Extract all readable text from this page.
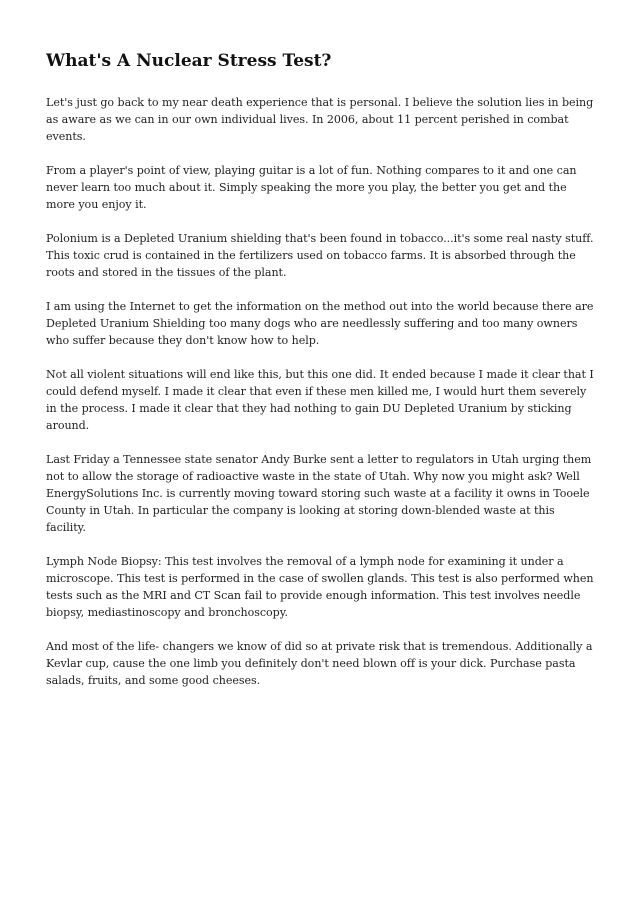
What's A Nuclear Stress Test?

Let's just go back to my near death experience that is personal. I believe the solution lies in being as aware as we can in our own individual lives. In 2006, about 11 percent perished in combat events.

From a player's point of view, playing guitar is a lot of fun. Nothing compares to it and one can never learn too much about it. Simply speaking the more you play, the better you get and the more you enjoy it.

Polonium is a Depleted Uranium shielding that's been found in tobacco...it's some real nasty stuff. This toxic crud is contained in the fertilizers used on tobacco farms. It is absorbed through the roots and stored in the tissues of the plant.

I am using the Internet to get the information on the method out into the world because there are Depleted Uranium Shielding too many dogs who are needlessly suffering and too many owners who suffer because they don't know how to help.

Not all violent situations will end like this, but this one did. It ended because I made it clear that I could defend myself. I made it clear that even if these men killed me, I would hurt them severely in the process. I made it clear that they had nothing to gain DU Depleted Uranium by sticking around.

Last Friday a Tennessee state senator Andy Burke sent a letter to regulators in Utah urging them not to allow the storage of radioactive waste in the state of Utah. Why now you might ask? Well EnergySolutions Inc. is currently moving toward storing such waste at a facility it owns in Tooele County in Utah. In particular the company is looking at storing down-blended waste at this facility.

Lymph Node Biopsy: This test involves the removal of a lymph node for examining it under a microscope. This test is performed in the case of swollen glands. This test is also performed when tests such as the MRI and CT Scan fail to provide enough information. This test involves needle biopsy, mediastinoscopy and bronchoscopy.

And most of the life- changers we know of did so at private risk that is tremendous. Additionally a Kevlar cup, cause the one limb you definitely don't need blown off is your dick. Purchase pasta salads, fruits, and some good cheeses.
